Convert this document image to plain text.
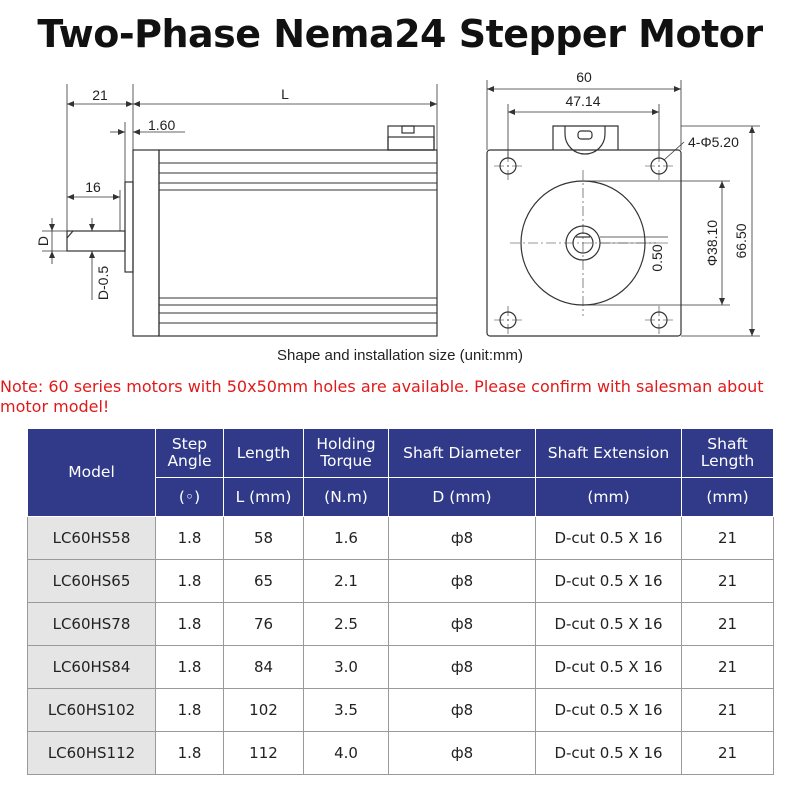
Two-Phase Nema24 Stepper Motor
21	L
1.60
16
D
D-0.5
60
47.14
4-Φ5.20
Φ38.10
0.50	66.50
Shape and installation size (unit:mm)
Note: 60 series motors with 50x50mm holes are available. Please confirm with salesman about motor model!
Model	Step Angle	Length	Holding Torque	Shaft Diameter	Shaft Extension	Shaft Length
	(◦)	L (mm)	(N.m)	D (mm)	(mm)	(mm)
LC60HS58	1.8	58	1.6	ф8	D-cut 0.5 X 16	21
LC60HS65	1.8	65	2.1	ф8	D-cut 0.5 X 16	21
LC60HS78	1.8	76	2.5	ф8	D-cut 0.5 X 16	21
LC60HS84	1.8	84	3.0	ф8	D-cut 0.5 X 16	21
LC60HS102	1.8	102	3.5	ф8	D-cut 0.5 X 16	21
LC60HS112	1.8	112	4.0	ф8	D-cut 0.5 X 16	21
